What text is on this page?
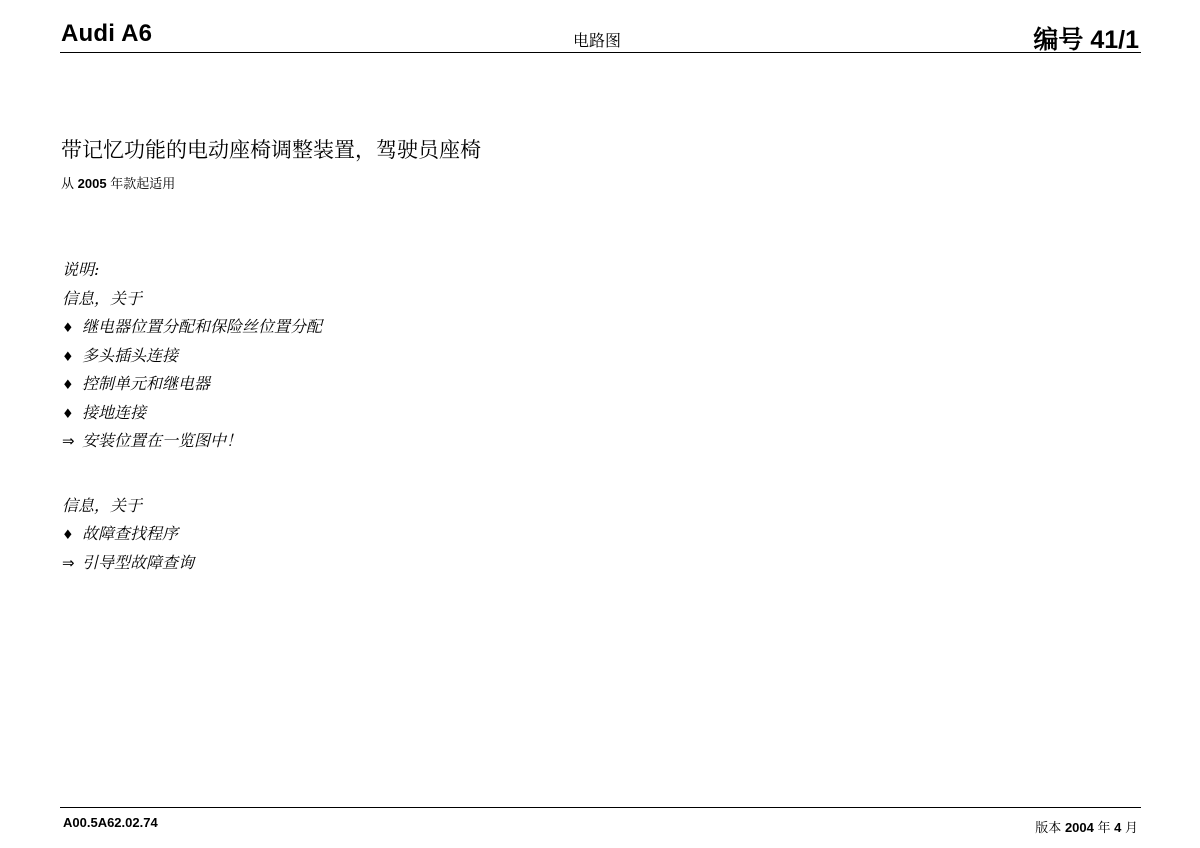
Audi A6	电路图	编号 41/1
带记忆功能的电动座椅调整装置，驾驶员座椅
从 2005 年款起适用
说明:
信息，关于
♦ 继电器位置分配和保险丝位置分配
♦ 多头插头连接
♦ 控制单元和继电器
♦ 接地连接
⇒ 安装位置在一览图中！
信息，关于
♦ 故障查找程序
⇒ 引导型故障查询
A00.5A62.02.74	版本 2004 年 4 月
